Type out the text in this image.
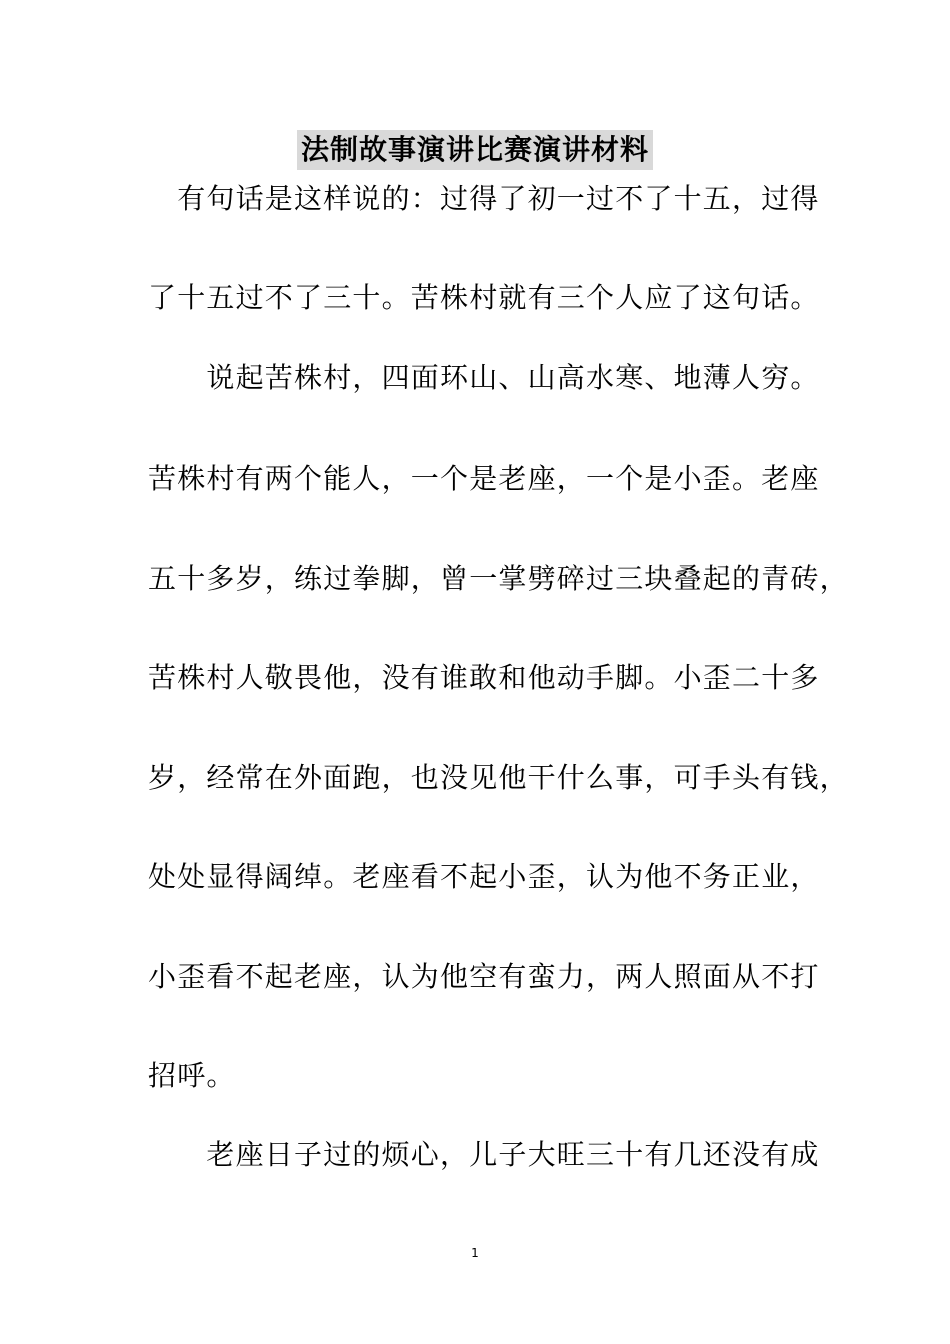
法制故事演讲比赛演讲材料
　有句话是这样说的：过得了初一过不了十五，过得
了十五过不了三十。苦株村就有三个人应了这句话。
　　说起苦株村，四面环山、山高水寒、地薄人穷。
苦株村有两个能人，一个是老座，一个是小歪。老座
五十多岁，练过拳脚，曾一掌劈碎过三块叠起的青砖，
苦株村人敬畏他，没有谁敢和他动手脚。小歪二十多
岁，经常在外面跑，也没见他干什么事，可手头有钱，
处处显得阔绰。老座看不起小歪，认为他不务正业，
小歪看不起老座，认为他空有蛮力，两人照面从不打
招呼。
　　老座日子过的烦心，儿子大旺三十有几还没有成
1
